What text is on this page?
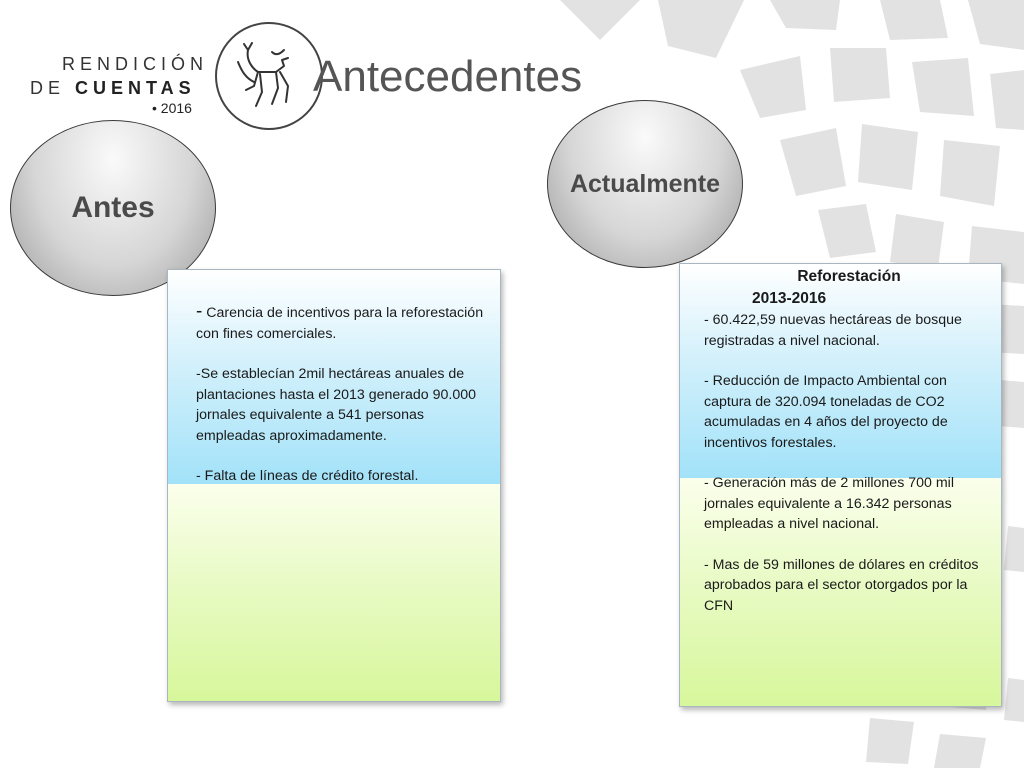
RENDICIÓN
DE CUENTAS
• 2016
Antecedentes
Antes
Actualmente

- Carencia de incentivos para la reforestación con fines comerciales.

-Se establecían 2mil hectáreas anuales de plantaciones hasta el 2013 generado 90.000 jornales equivalente a 541 personas empleadas aproximadamente.

- Falta de líneas de crédito forestal.

Reforestación

2013-2016

- 60.422,59 nuevas hectáreas de bosque registradas a nivel nacional.

- Reducción de Impacto Ambiental con captura de 320.094 toneladas de CO2 acumuladas en 4 años del proyecto de incentivos forestales.

- Generación más de 2 millones 700 mil jornales equivalente a 16.342 personas empleadas a nivel nacional.

- Mas de 59 millones de dólares en créditos aprobados para el sector otorgados por la CFN
